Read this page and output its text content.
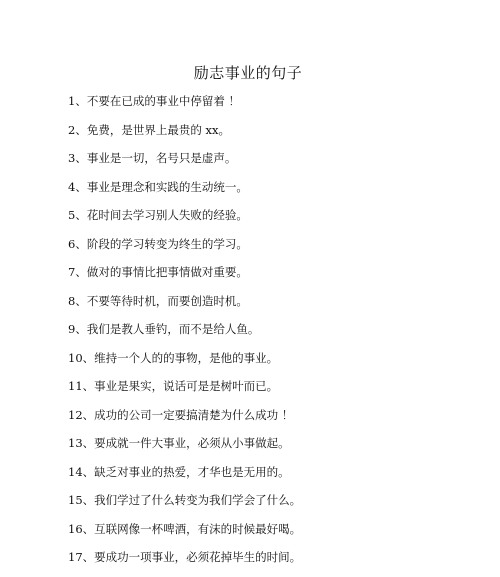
励志事业的句子
1、不要在已成的事业中停留着 ！
2、免费，是世界上最贵的 xx。
3、事业是一切，名号只是虚声。
4、事业是理念和实践的生动统一。
5、花时间去学习别人失败的经验。
6、阶段的学习转变为终生的学习。
7、做对的事情比把事情做对重要。
8、不要等待时机，而要创造时机。
9、我们是教人垂钓，而不是给人鱼。
10、维持一个人的的事物，是他的事业。
11、事业是果实，说话可是是树叶而已。
12、成功的公司一定要搞清楚为什么成功 ！
13、要成就一件大事业，必须从小事做起。
14、缺乏对事业的热爱，才华也是无用的。
15、我们学过了什么转变为我们学会了什么。
16、互联网像一杯啤酒，有沫的时候最好喝。
17、要成功一项事业，必须花掉毕生的时间。
